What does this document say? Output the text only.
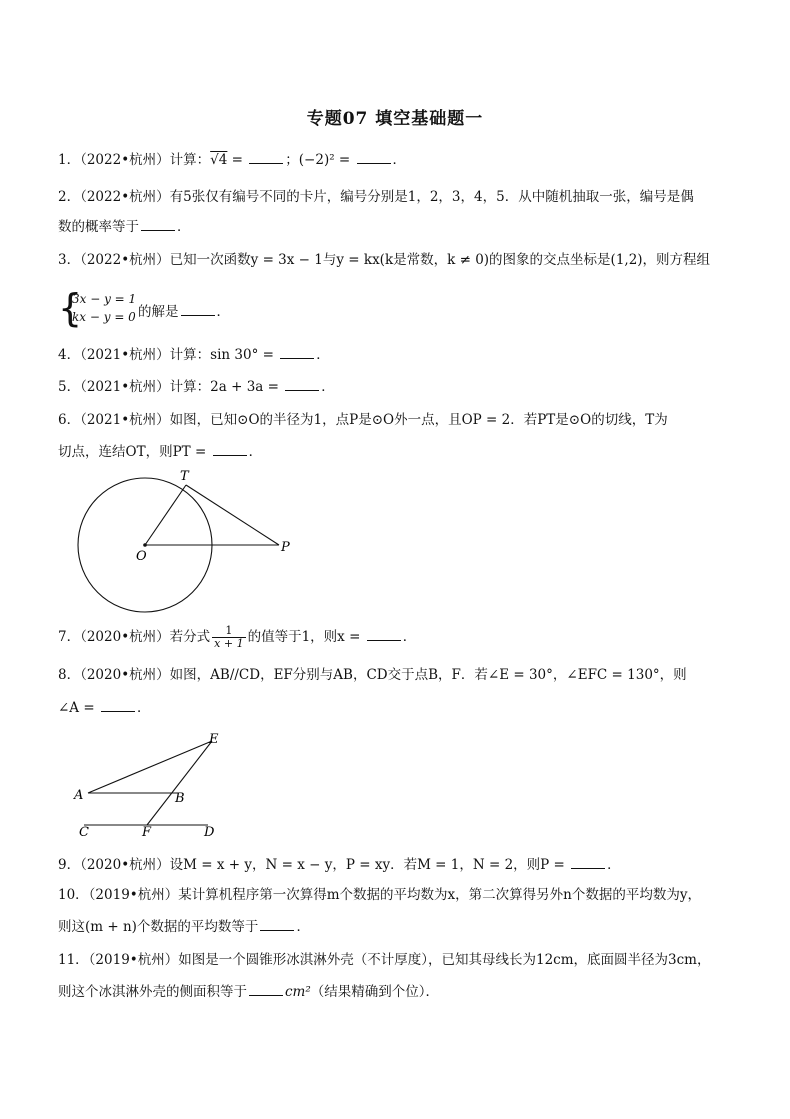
专题07 填空基础题一
1．（2022•杭州）计算：√4 =	；(−2)² =	．
2．（2022•杭州）有5张仅有编号不同的卡片，编号分别是1，2，3，4，5．从中随机抽取一张，编号是偶
数的概率等于	．
3．（2022•杭州）已知一次函数y = 3x − 1与y = kx(k是常数，k ≠ 0)的图象的交点坐标是(1,2)，则方程组
{
3x − y = 1
kx − y = 0 的解是	．
4．（2021•杭州）计算：sin 30° =	．
5．（2021•杭州）计算：2a + 3a =	．
6．（2021•杭州）如图，已知⊙O的半径为1，点P是⊙O外一点，且OP = 2．若PT是⊙O的切线，T为
切点，连结OT，则PT =	．
T
O
P
7．（2020•杭州）若分式 $\frac{1}{x + 1}$ 的值等于1，则x =	．
8．（2020•杭州）如图，AB//CD，EF分别与AB，CD交于点B，F．若∠E = 30°，∠EFC = 130°，则
∠A =	．
E
A	B
C	F	D
9．（2020•杭州）设M = x + y，N = x − y，P = xy．若M = 1，N = 2，则P =	．
10．（2019•杭州）某计算机程序第一次算得m个数据的平均数为x，第二次算得另外n个数据的平均数为y，
则这(m + n)个数据的平均数等于	．
11．（2019•杭州）如图是一个圆锥形冰淇淋外壳（不计厚度），已知其母线长为12cm，底面圆半径为3cm，
则这个冰淇淋外壳的侧面积等于	cm²（结果精确到个位）．
